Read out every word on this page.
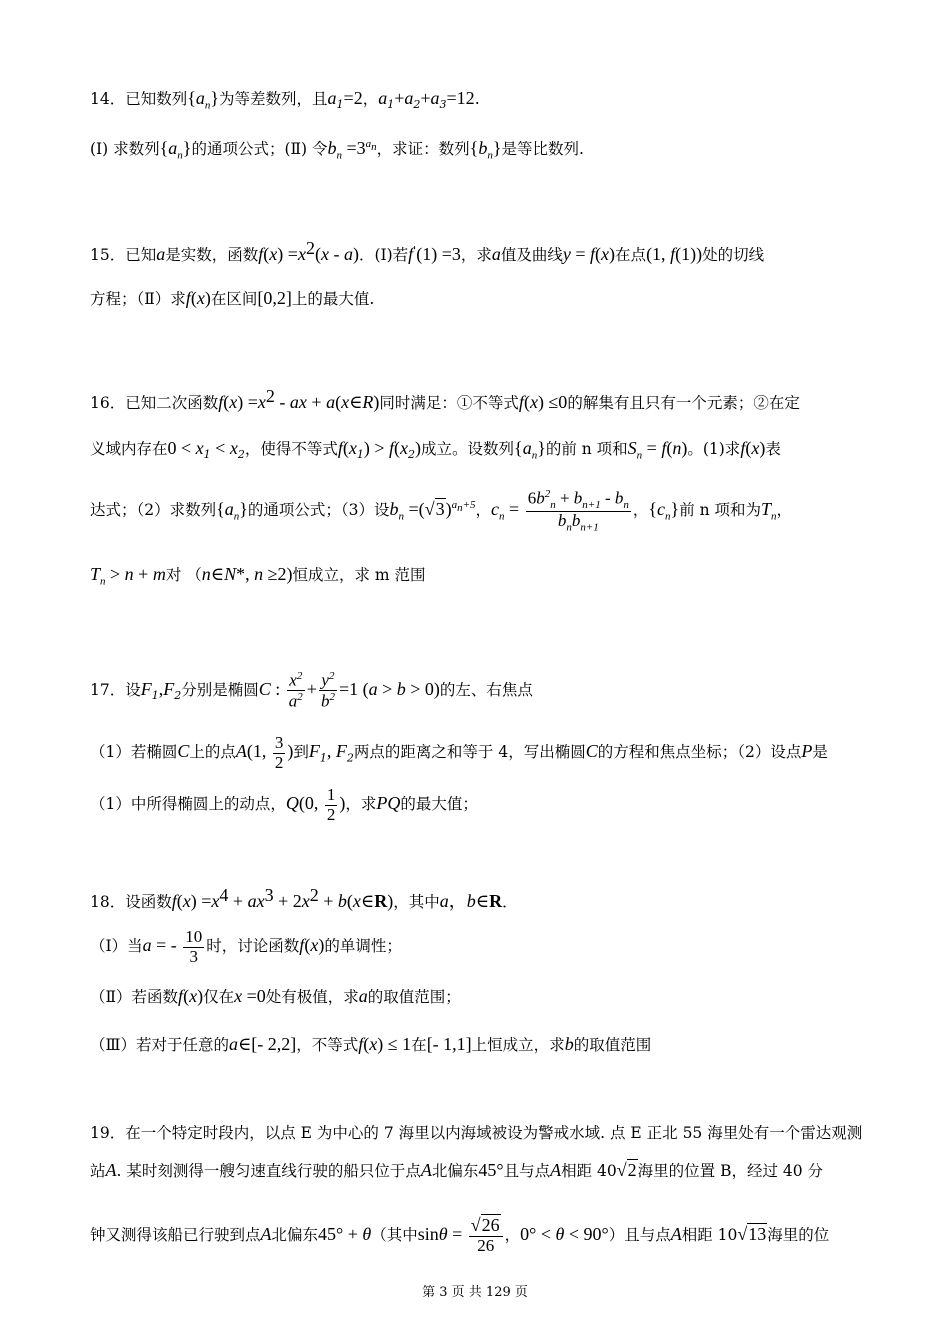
14．已知数列$\{a_n\}$为等差数列，且$a_1=2$，$a_1+a_2+a_3=12$.
(Ⅰ) 求数列$\{a_n\}$的通项公式；(Ⅱ) 令$b_n =3^{a_n}$，求证：数列$\{b_n\}$是等比数列.
15．已知a是实数，函数$f(x) =x^2(x - a)$．(Ⅰ)若f'(1) =3，求a值及曲线y = f(x)在点(1, f(1))处的切线
方程；（Ⅱ）求f(x)在区间[0,2]上的最大值.
16．已知二次函数$f(x) =x^2$ - ax + a(x∈R)同时满足：①不等式f(x) ≤0的解集有且只有一个元素；②在定
义域内存在$0 < x_1 < x_2$，使得不等式$f(x_1) > f(x_2)$成立。设数列$\{a_n\}$的前 n 项和$S_n = f(n)$。(1)求f(x)表
达式；（2）求数列$\{a_n\}$的通项公式；（3）设$b_n =(√3)^{a_n+5}$，$c_n = \frac{6b^2_n + b_{n+1} - b_n}{b_nb_{n+1}}$ ，$\{c_n\}$前 n 项和为$T_n$，
$T_n > n + m$对 （n∈N*, n ≥2)恒成立，求 m 范围
17．设$F_1,F_2$分别是椭圆C : $\frac{x^2}{a^2} + \frac{y^2}{b^2} =1$ (a > b > 0)的左、右焦点
（1）若椭圆C上的点A(1, $\frac{3}{2}$ )到$F_1$, $F_2$两点的距离之和等于 4，写出椭圆C的方程和焦点坐标；（2）设点P是
（1）中所得椭圆上的动点，Q(0, $\frac{1}{2}$ )，求PQ的最大值；
18．设函数$f(x) =x^4 + ax^3 + 2x^2$ + b(x∈R)，其中a，b∈R．
（Ⅰ）当a = - $\frac{10}{3}$ 时，讨论函数f(x)的单调性；
（Ⅱ）若函数f(x)仅在x =0处有极值，求a的取值范围；
（Ⅲ）若对于任意的a∈[- 2,2]，不等式f(x) ≤ 1在[- 1,1]上恒成立，求b的取值范围
19．在一个特定时段内，以点 E 为中心的 7 海里以内海域被设为警戒水域. 点 E 正北 55 海里处有一个雷达观测
站A. 某时刻测得一艘匀速直线行驶的船只位于点A北偏东45°且与点A相距 40√2海里的位置 B，经过 40 分
钟又测得该船已行驶到点A北偏东45° + θ（其中$\sin\theta = \frac{√26}{26}$ ，0° < θ < 90°）且与点A相距 10√13海里的位
第 3 页 共 129 页
